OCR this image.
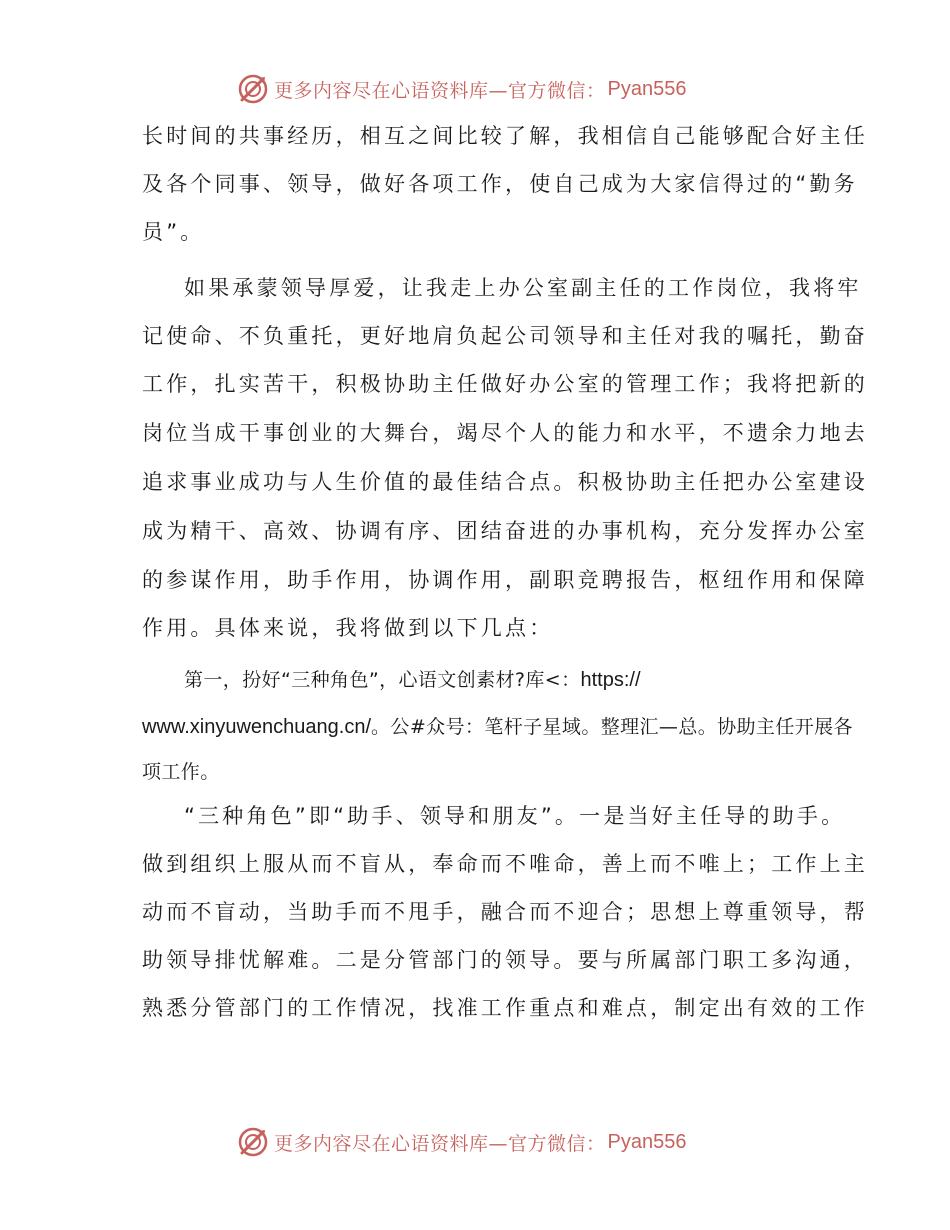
更多内容尽在心语资料库—官方微信： Pyan556
长时间的共事经历，相互之间比较了解，我相信自己能够配合好主任
及各个同事、领导，做好各项工作，使自己成为大家信得过的“勤务
员”。
如果承蒙领导厚爱，让我走上办公室副主任的工作岗位，我将牢
记使命、不负重托，更好地肩负起公司领导和主任对我的嘱托，勤奋
工作，扎实苦干，积极协助主任做好办公室的管理工作；我将把新的
岗位当成干事创业的大舞台，竭尽个人的能力和水平，不遗余力地去
追求事业成功与人生价值的最佳结合点。积极协助主任把办公室建设
成为精干、高效、协调有序、团结奋进的办事机构，充分发挥办公室
的参谋作用，助手作用，协调作用，副职竞聘报告，枢纽作用和保障
作用。具体来说，我将做到以下几点：
第一，扮好“三种角色”，心语文创素材?库<：https://
www.xinyuwenchuang.cn/。公#众号：笔杆子星域。整理汇—总。协助主任开展各
项工作。
“三种角色”即“助手、领导和朋友”。一是当好主任导的助手。
做到组织上服从而不盲从，奉命而不唯命，善上而不唯上；工作上主
动而不盲动，当助手而不甩手，融合而不迎合；思想上尊重领导，帮
助领导排忧解难。二是分管部门的领导。要与所属部门职工多沟通，
熟悉分管部门的工作情况，找准工作重点和难点，制定出有效的工作
更多内容尽在心语资料库—官方微信： Pyan556
